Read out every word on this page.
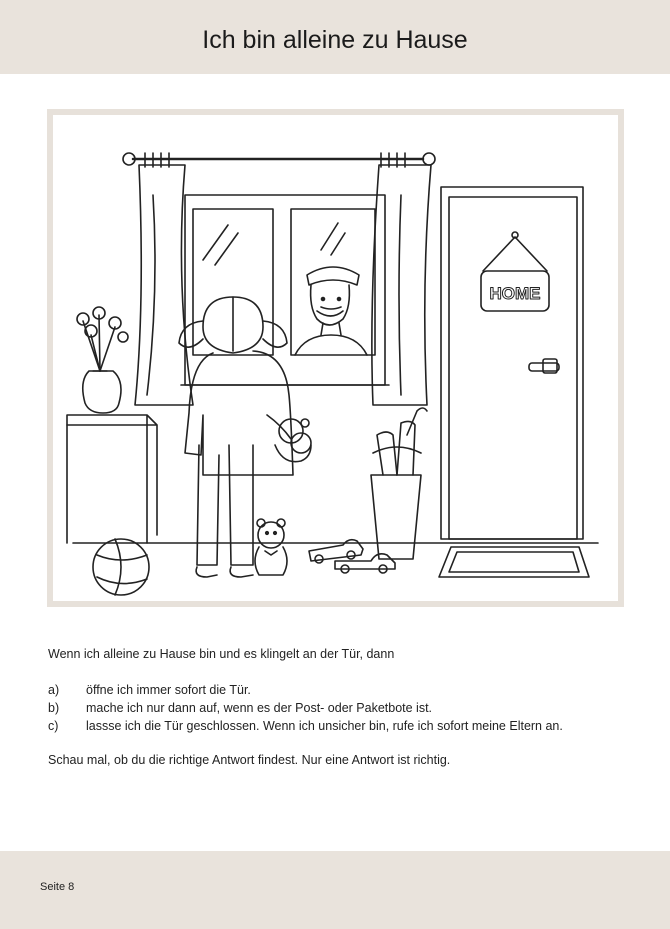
Ich bin alleine zu Hause
HOME
Wenn ich alleine zu Hause bin und es klingelt an der Tür, dann
a)	öffne ich immer sofort die Tür.
b)	mache ich nur dann auf, wenn es der Post- oder Paketbote ist.
c)	lassse ich die Tür geschlossen. Wenn ich unsicher bin, rufe ich sofort meine Eltern an.
Schau mal, ob du die richtige Antwort findest. Nur eine Antwort ist richtig.
Seite 8
